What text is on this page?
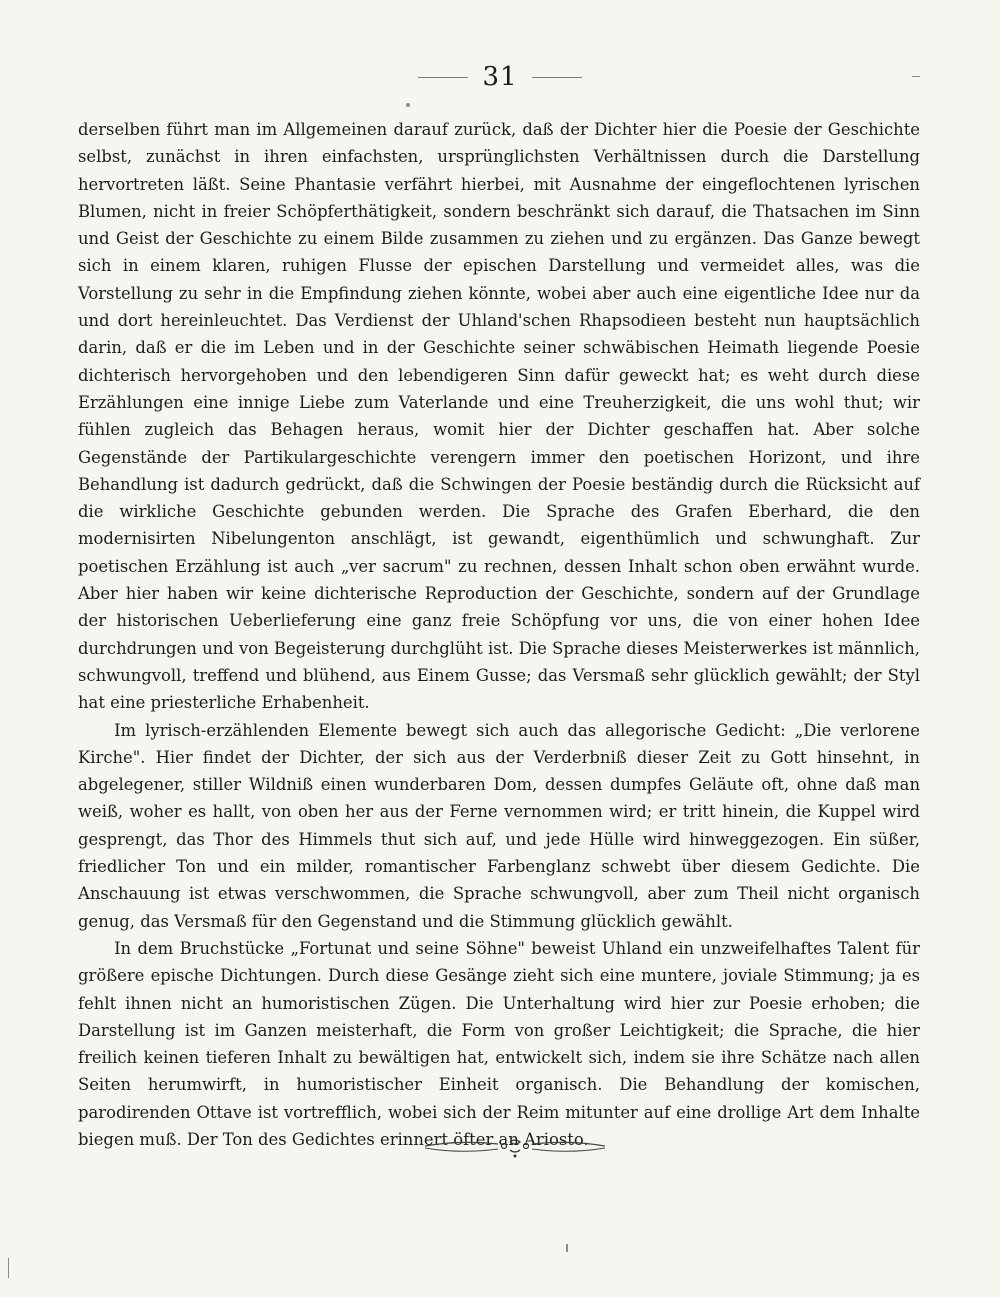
31

derselben führt man im Allgemeinen darauf zurück, daß der Dichter hier die Poesie der Geschichte selbst, zunächst in ihren einfachsten, ursprünglichsten Verhältnissen durch die Darstellung hervortreten läßt. Seine Phantasie verfährt hierbei, mit Ausnahme der eingeflochtenen lyrischen Blumen, nicht in freier Schöpferthätigkeit, sondern beschränkt sich darauf, die Thatsachen im Sinn und Geist der Geschichte zu einem Bilde zusammen zu ziehen und zu ergänzen. Das Ganze bewegt sich in einem klaren, ruhigen Flusse der epischen Darstellung und vermeidet alles, was die Vorstellung zu sehr in die Empfindung ziehen könnte, wobei aber auch eine eigentliche Idee nur da und dort hereinleuchtet. Das Verdienst der Uhland'schen Rhapsodieen besteht nun hauptsächlich darin, daß er die im Leben und in der Geschichte seiner schwäbischen Heimath liegende Poesie dichterisch hervorgehoben und den lebendigeren Sinn dafür geweckt hat; es weht durch diese Erzählungen eine innige Liebe zum Vaterlande und eine Treuherzigkeit, die uns wohl thut; wir fühlen zugleich das Behagen heraus, womit hier der Dichter geschaffen hat. Aber solche Gegenstände der Partikulargeschichte verengern immer den poetischen Horizont, und ihre Behandlung ist dadurch gedrückt, daß die Schwingen der Poesie beständig durch die Rücksicht auf die wirkliche Geschichte gebunden werden. Die Sprache des Grafen Eberhard, die den modernisirten Nibelungenton anschlägt, ist gewandt, eigenthümlich und schwunghaft. Zur poetischen Erzählung ist auch „ver sacrum" zu rechnen, dessen Inhalt schon oben erwähnt wurde. Aber hier haben wir keine dichterische Reproduction der Geschichte, sondern auf der Grundlage der historischen Ueberlieferung eine ganz freie Schöpfung vor uns, die von einer hohen Idee durchdrungen und von Begeisterung durchglüht ist. Die Sprache dieses Meisterwerkes ist männlich, schwungvoll, treffend und blühend, aus Einem Gusse; das Versmaß sehr glücklich gewählt; der Styl hat eine priesterliche Erhabenheit.

Im lyrisch-erzählenden Elemente bewegt sich auch das allegorische Gedicht: „Die verlorene Kirche". Hier findet der Dichter, der sich aus der Verderbniß dieser Zeit zu Gott hinsehnt, in abgelegener, stiller Wildniß einen wunderbaren Dom, dessen dumpfes Geläute oft, ohne daß man weiß, woher es hallt, von oben her aus der Ferne vernommen wird; er tritt hinein, die Kuppel wird gesprengt, das Thor des Himmels thut sich auf, und jede Hülle wird hinweggezogen. Ein süßer, friedlicher Ton und ein milder, romantischer Farbenglanz schwebt über diesem Gedichte. Die Anschauung ist etwas verschwommen, die Sprache schwungvoll, aber zum Theil nicht organisch genug, das Versmaß für den Gegenstand und die Stimmung glücklich gewählt.

In dem Bruchstücke „Fortunat und seine Söhne" beweist Uhland ein unzweifelhaftes Talent für größere epische Dichtungen. Durch diese Gesänge zieht sich eine muntere, joviale Stimmung; ja es fehlt ihnen nicht an humoristischen Zügen. Die Unterhaltung wird hier zur Poesie erhoben; die Darstellung ist im Ganzen meisterhaft, die Form von großer Leichtigkeit; die Sprache, die hier freilich keinen tieferen Inhalt zu bewältigen hat, entwickelt sich, indem sie ihre Schätze nach allen Seiten herumwirft, in humoristischer Einheit organisch. Die Behandlung der komischen, parodirenden Ottave ist vortrefflich, wobei sich der Reim mitunter auf eine drollige Art dem Inhalte biegen muß. Der Ton des Gedichtes erinnert öfter an Ariosto.
